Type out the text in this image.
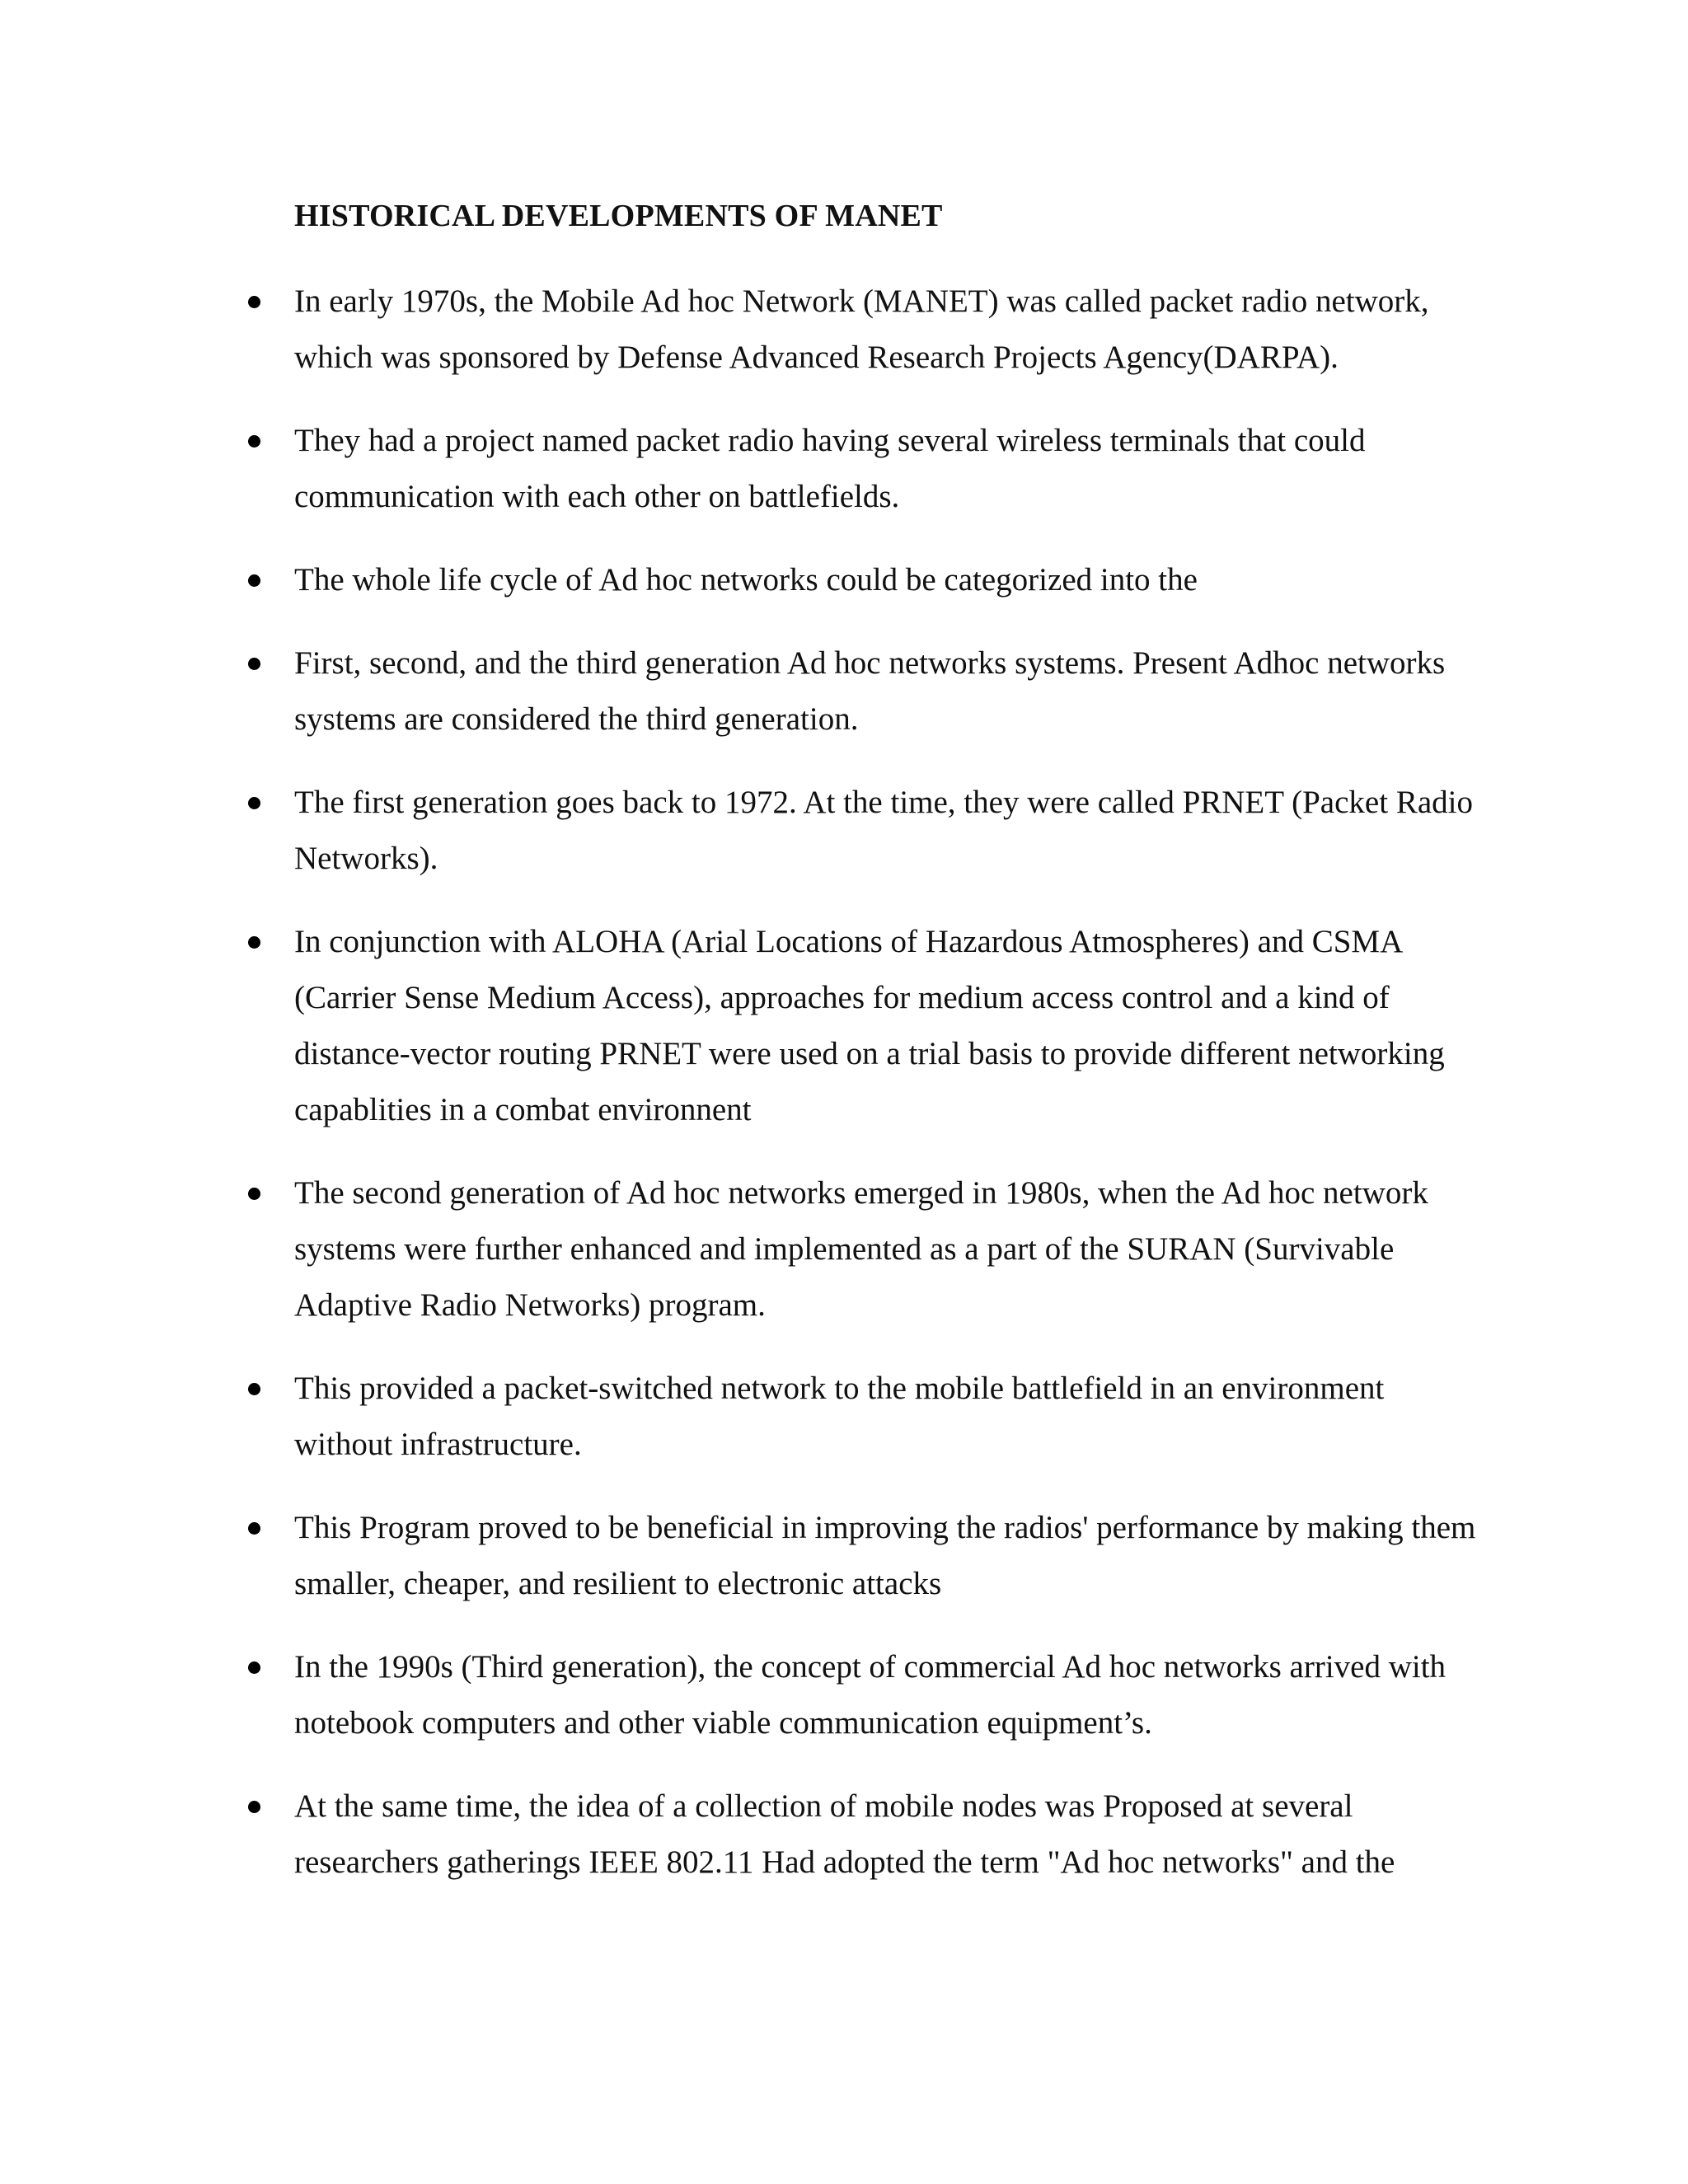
HISTORICAL DEVELOPMENTS OF MANET
In early 1970s, the Mobile Ad hoc Network (MANET) was called packet radio network, which was sponsored by Defense Advanced Research Projects Agency(DARPA).
They had a project named packet radio having several wireless terminals that could communication with each other on battlefields.
The whole life cycle of Ad hoc networks could be categorized into the
First, second, and the third generation Ad hoc networks systems. Present Adhoc networks systems are considered the third generation.
The first generation goes back to 1972. At the time, they were called PRNET (Packet Radio Networks).
In conjunction with ALOHA (Arial Locations of Hazardous Atmospheres) and CSMA (Carrier Sense Medium Access), approaches for medium access control and a kind of distance-vector routing PRNET were used on a trial basis to provide different networking capablities in a combat environnent
The second generation of Ad hoc networks emerged in 1980s, when the Ad hoc network systems were further enhanced and implemented as a part of the SURAN (Survivable Adaptive Radio Networks) program.
This provided a packet-switched network to the mobile battlefield in an environment without infrastructure.
This Program proved to be beneficial in improving the radios' performance by making them smaller, cheaper, and resilient to electronic attacks
In the 1990s (Third generation), the concept of commercial Ad hoc networks arrived with notebook computers and other viable communication equipment’s.
At the same time, the idea of a collection of mobile nodes was Proposed at several researchers gatherings IEEE 802.11 Had adopted the term "Ad hoc networks" and the
